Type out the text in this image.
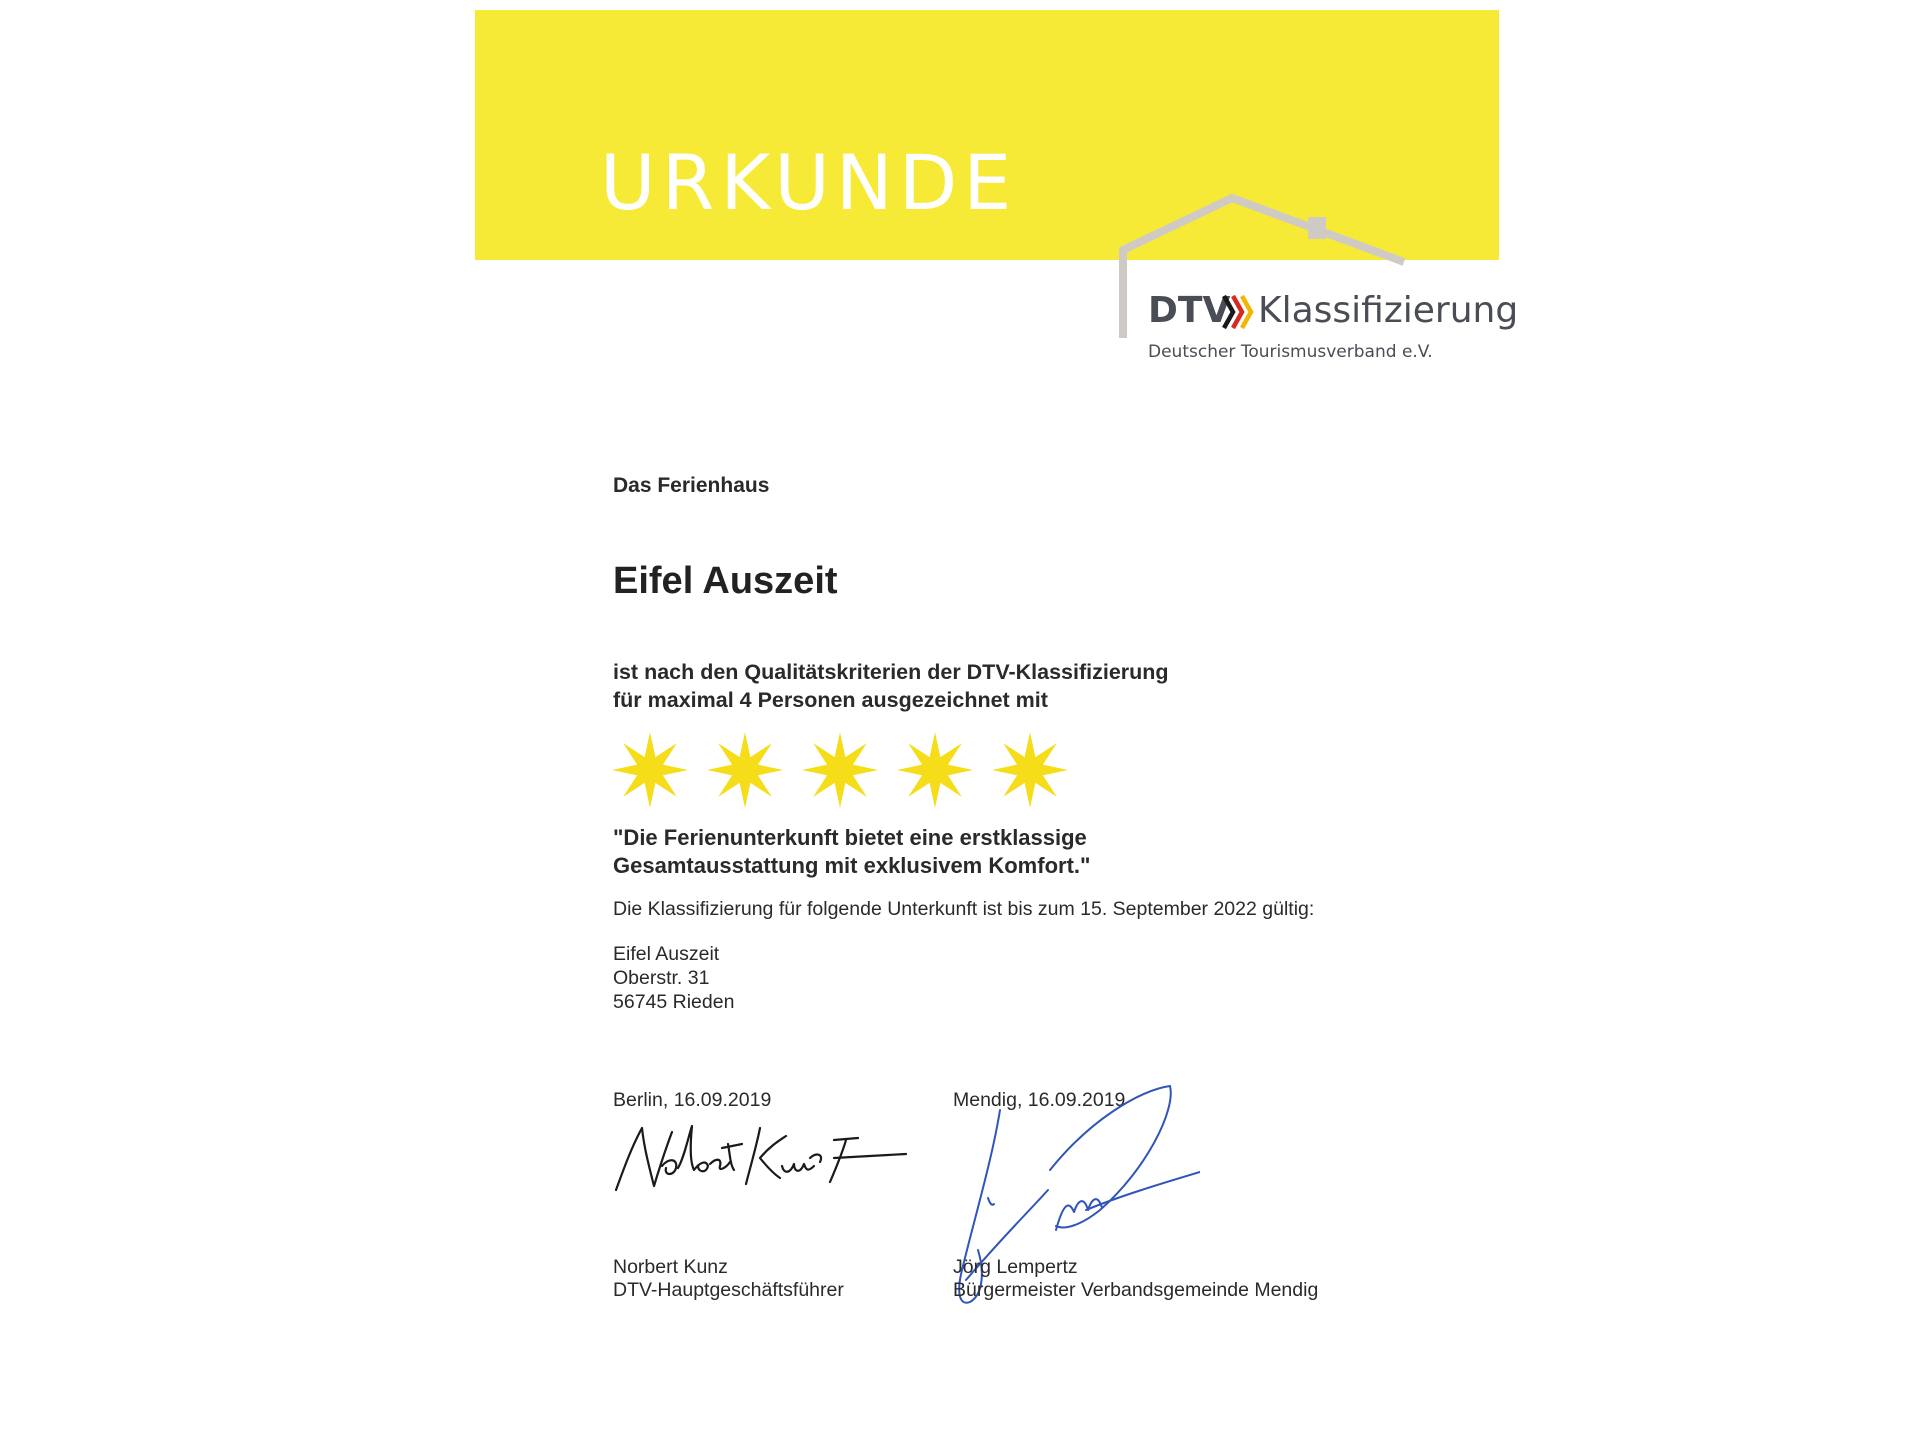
URKUNDE
DTV Klassifizierung
Deutscher Tourismusverband e.V.
Das Ferienhaus
Eifel Auszeit
ist nach den Qualitätskriterien der DTV-Klassifizierung
für maximal 4 Personen ausgezeichnet mit
"Die Ferienunterkunft bietet eine erstklassige
Gesamtausstattung mit exklusivem Komfort."
Die Klassifizierung für folgende Unterkunft ist bis zum 15. September 2022 gültig:
Eifel Auszeit
Oberstr. 31
56745 Rieden
Berlin, 16.09.2019	Mendig, 16.09.2019
Norbert Kunz
DTV-Hauptgeschäftsführer
Jörg Lempertz
Bürgermeister Verbandsgemeinde Mendig
